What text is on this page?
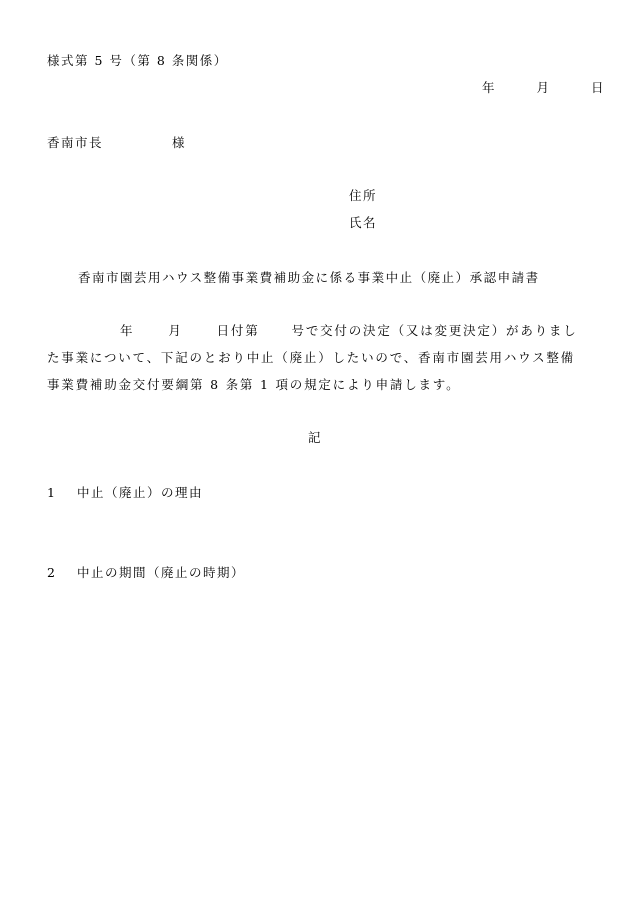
様式第 5 号（第 8 条関係）
年	月	日
香南市長	様
住所
氏名
香南市園芸用ハウス整備事業費補助金に係る事業中止（廃止）承認申請書
年	月	日付第	号で交付の決定（又は変更決定）がありまし
た事業について、下記のとおり中止（廃止）したいので、香南市園芸用ハウス整備
事業費補助金交付要綱第 8 条第 1 項の規定により申請します。
記
1 中止（廃止）の理由
2 中止の期間（廃止の時期）
